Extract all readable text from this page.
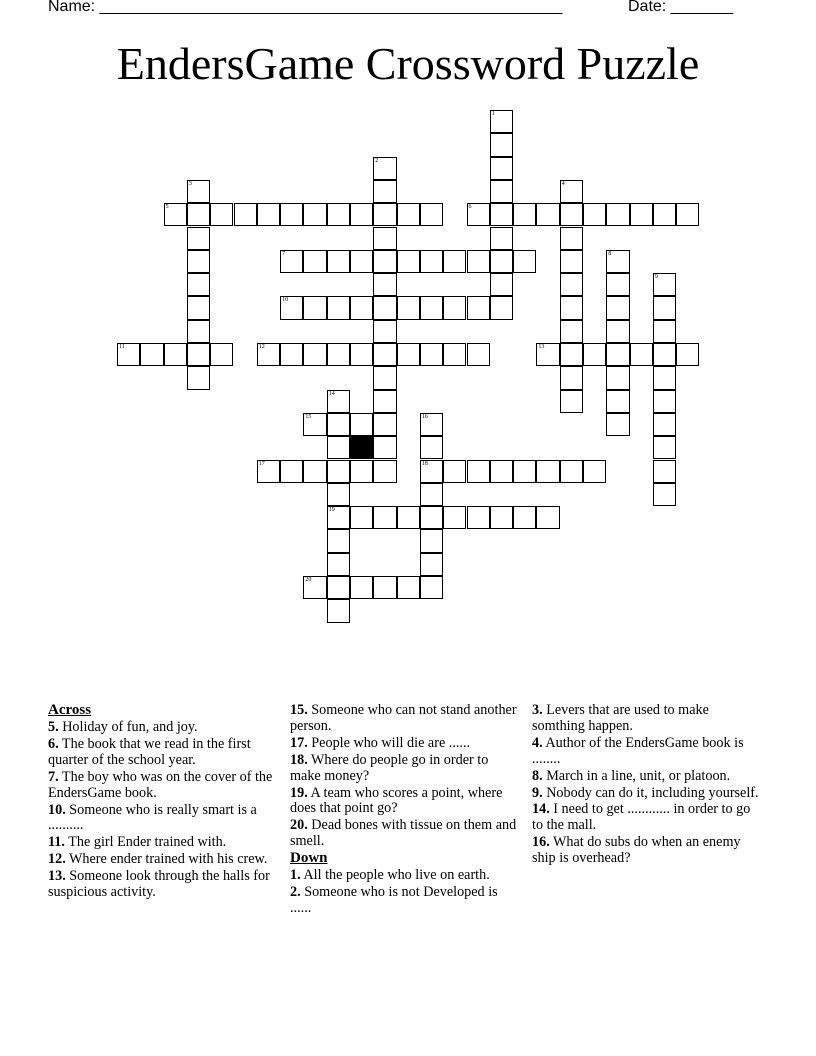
Name: ____________________________________________________	Date: _______
EndersGame Crossword Puzzle
1
2
3	4
5	6
7	8
9
10
11	12	13
14
19
15	16
18
17
20
Across
5. Holiday of fun, and joy.
6. The book that we read in the first quarter of the school year.
7. The boy who was on the cover of the EndersGame book.
10. Someone who is really smart is a ..........
11. The girl Ender trained with.
12. Where ender trained with his crew.
13. Someone look through the halls for suspicious activity.
15. Someone who can not stand another person.
17. People who will die are ......
18. Where do people go in order to make money?
19. A team who scores a point, where does that point go?
20. Dead bones with tissue on them and smell.
Down
1. All the people who live on earth.
2. Someone who is not Developed is ......
3. Levers that are used to make somthing happen.
4. Author of the EndersGame book is ........
8. March in a line, unit, or platoon.
9. Nobody can do it, including yourself.
14. I need to get ............ in order to go to the mall.
16. What do subs do when an enemy ship is overhead?
